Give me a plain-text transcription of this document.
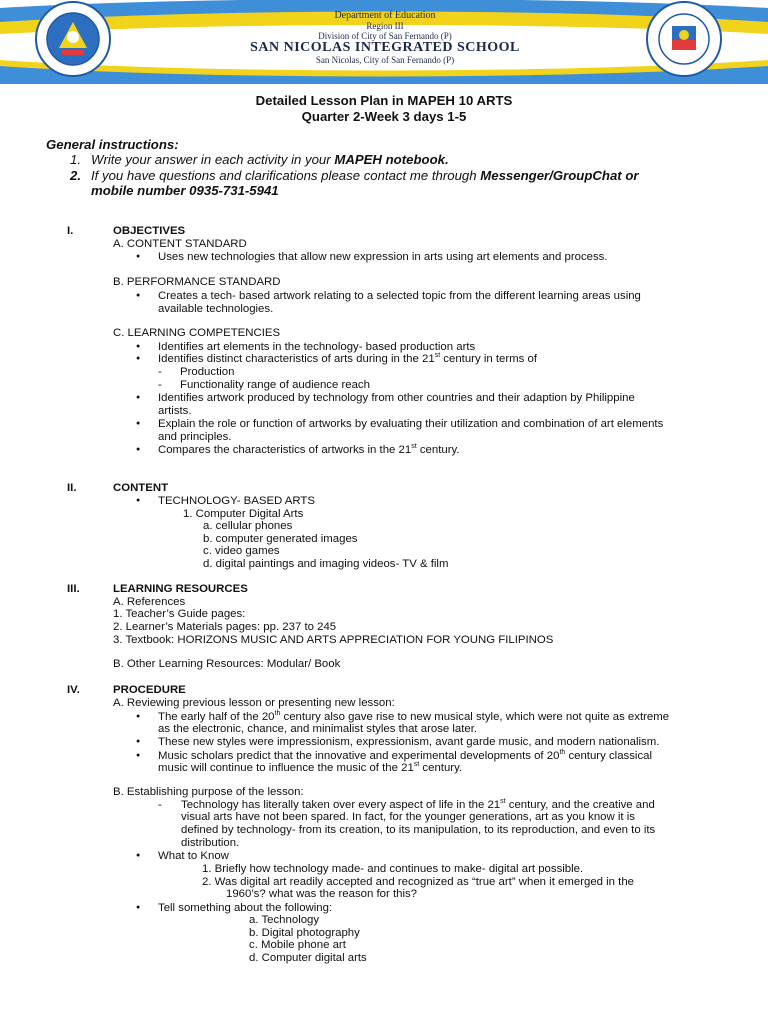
Department of Education
Region III
Division of City of San Fernando (P)
SAN NICOLAS INTEGRATED SCHOOL
San Nicolas, City of San Fernando (P)
Detailed Lesson Plan in MAPEH 10 ARTS
Quarter 2-Week 3 days 1-5
General instructions:
1. Write your answer in each activity in your MAPEH notebook.
2. If you have questions and clarifications please contact me through Messenger/GroupChat or
mobile number 0935-731-5941
I.	OBJECTIVES
A. CONTENT STANDARD
● Uses new technologies that allow new expression in arts using art elements and process.
B. PERFORMANCE STANDARD
● Creates a tech- based artwork relating to a selected topic from the different learning areas using
available technologies.
C. LEARNING COMPETENCIES
● Identifies art elements in the technology- based production arts
● Identifies distinct characteristics of arts during in the 21st century in terms of
- Production
- Functionality range of audience reach
● Identifies artwork produced by technology from other countries and their adaption by Philippine
artists.
● Explain the role or function of artworks by evaluating their utilization and combination of art elements
and principles.
● Compares the characteristics of artworks in the 21st century.
II.	CONTENT
● TECHNOLOGY- BASED ARTS
1. Computer Digital Arts
a. cellular phones
b. computer generated images
c. video games
d. digital paintings and imaging videos- TV & film
III.	LEARNING RESOURCES
A. References
1. Teacher’s Guide pages:
2. Learner’s Materials pages: pp. 237 to 245
3. Textbook: HORIZONS MUSIC AND ARTS APPRECIATION FOR YOUNG FILIPINOS
B. Other Learning Resources: Modular/ Book
IV.	PROCEDURE
A. Reviewing previous lesson or presenting new lesson:
● The early half of the 20th century also gave rise to new musical style, which were not quite as extreme
as the electronic, chance, and minimalist styles that arose later.
● These new styles were impressionism, expressionism, avant garde music, and modern nationalism.
● Music scholars predict that the innovative and experimental developments of 20th century classical
music will continue to influence the music of the 21st century.
B. Establishing purpose of the lesson:
- Technology has literally taken over every aspect of life in the 21st century, and the creative and
visual arts have not been spared. In fact, for the younger generations, art as you know it is
defined by technology- from its creation, to its manipulation, to its reproduction, and even to its
distribution.
● What to Know
1. Briefly how technology made- and continues to make- digital art possible.
2. Was digital art readily accepted and recognized as “true art” when it emerged in the
1960’s? what was the reason for this?
● Tell something about the following:
a. Technology
b. Digital photography
c. Mobile phone art
d. Computer digital arts
